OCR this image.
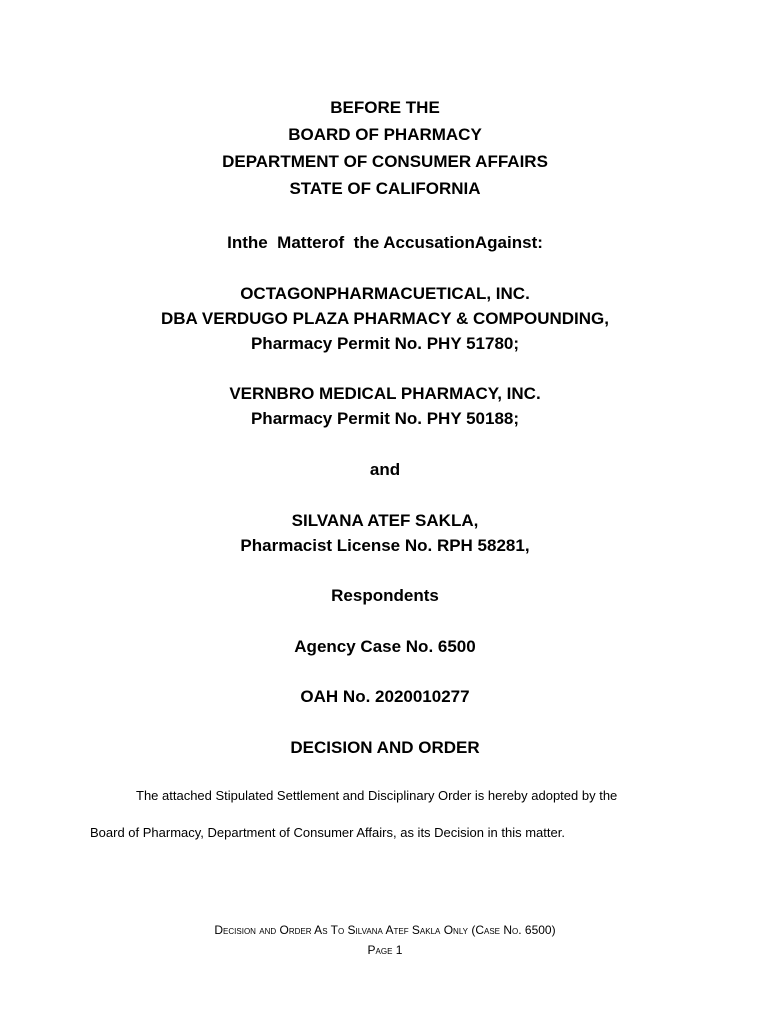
BEFORE THE
BOARD OF PHARMACY
DEPARTMENT OF CONSUMER AFFAIRS
STATE OF CALIFORNIA
Inthe  Matterof  the AccusationAgainst:
OCTAGONPHARMACUETICAL, INC.
DBA VERDUGO PLAZA PHARMACY & COMPOUNDING,
Pharmacy Permit No. PHY 51780;
VERNBRO MEDICAL PHARMACY, INC.
Pharmacy Permit No. PHY 50188;
and
SILVANA ATEF SAKLA,
Pharmacist License No. RPH 58281,
Respondents
Agency Case No. 6500
OAH No. 2020010277
DECISION AND ORDER
The attached Stipulated Settlement and Disciplinary Order is hereby adopted by the
Board of Pharmacy, Department of Consumer Affairs, as its Decision in this matter.
Decision and Order As To Silvana Atef Sakla Only (Case No. 6500)
Page 1
